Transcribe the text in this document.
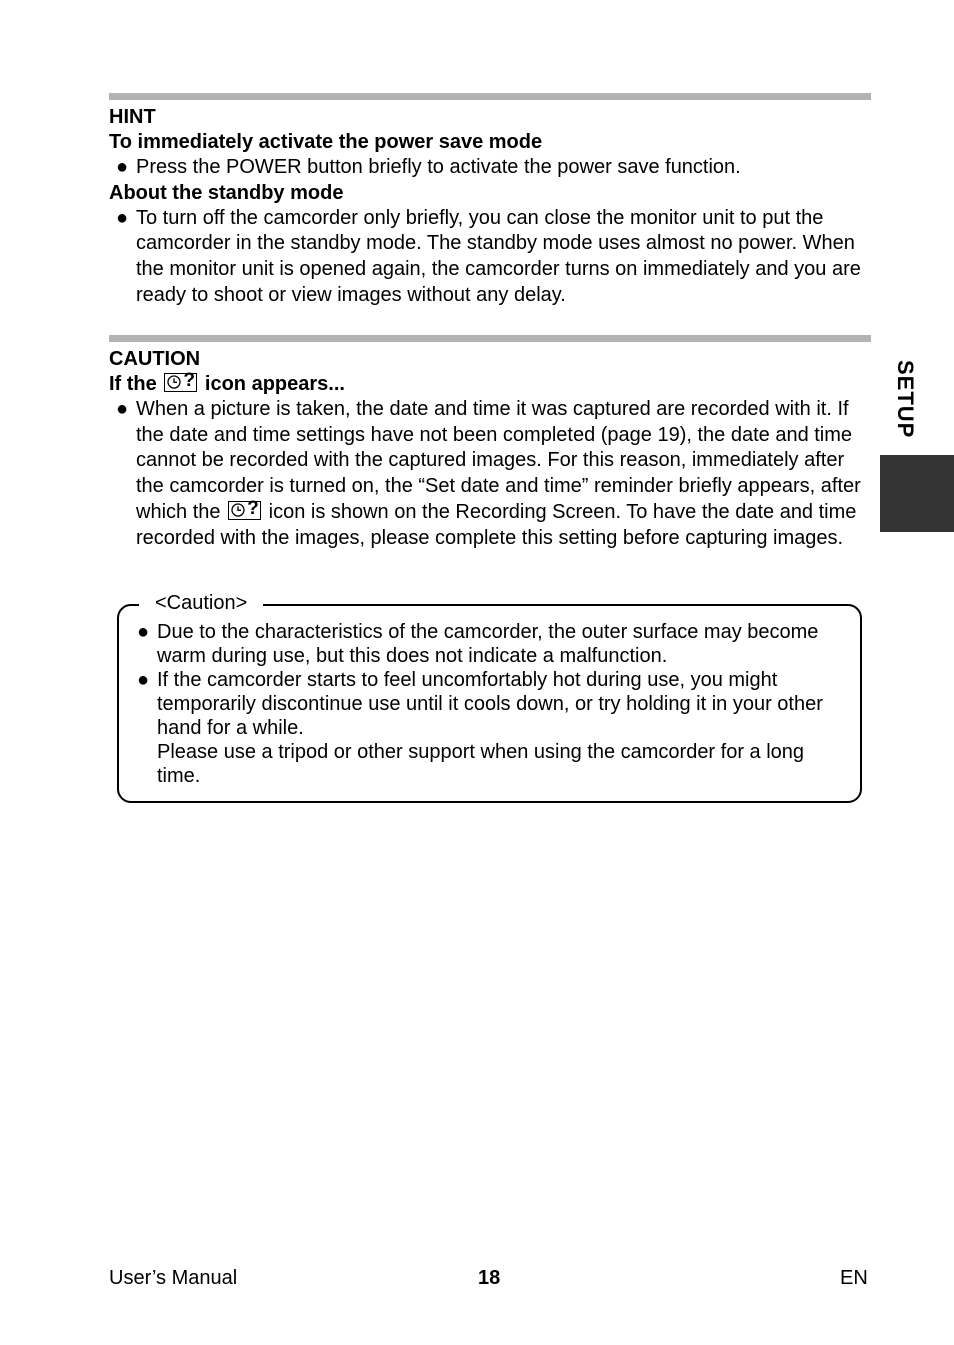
HINT

To immediately activate the power save mode

● Press the POWER button briefly to activate the power save function.

About the standby mode

● To turn off the camcorder only briefly, you can close the monitor unit to put the camcorder in the standby mode. The standby mode uses almost no power. When the monitor unit is opened again, the camcorder turns on immediately and you are ready to shoot or view images without any delay.

CAUTION

If the ? icon appears...

● When a picture is taken, the date and time it was captured are recorded with it. If the date and time settings have not been completed (page 19), the date and time cannot be recorded with the captured images. For this reason, immediately after the camcorder is turned on, the “Set date and time” reminder briefly appears, after which the ? icon is shown on the Recording Screen. To have the date and time recorded with the images, please complete this setting before capturing images.

<Caution>

● Due to the characteristics of the camcorder, the outer surface may become warm during use, but this does not indicate a malfunction.

● If the camcorder starts to feel uncomfortably hot during use, you might temporarily discontinue use until it cools down, or try holding it in your other hand for a while.

Please use a tripod or other support when using the camcorder for a long time.

SETUP
User’s Manual	18	EN
